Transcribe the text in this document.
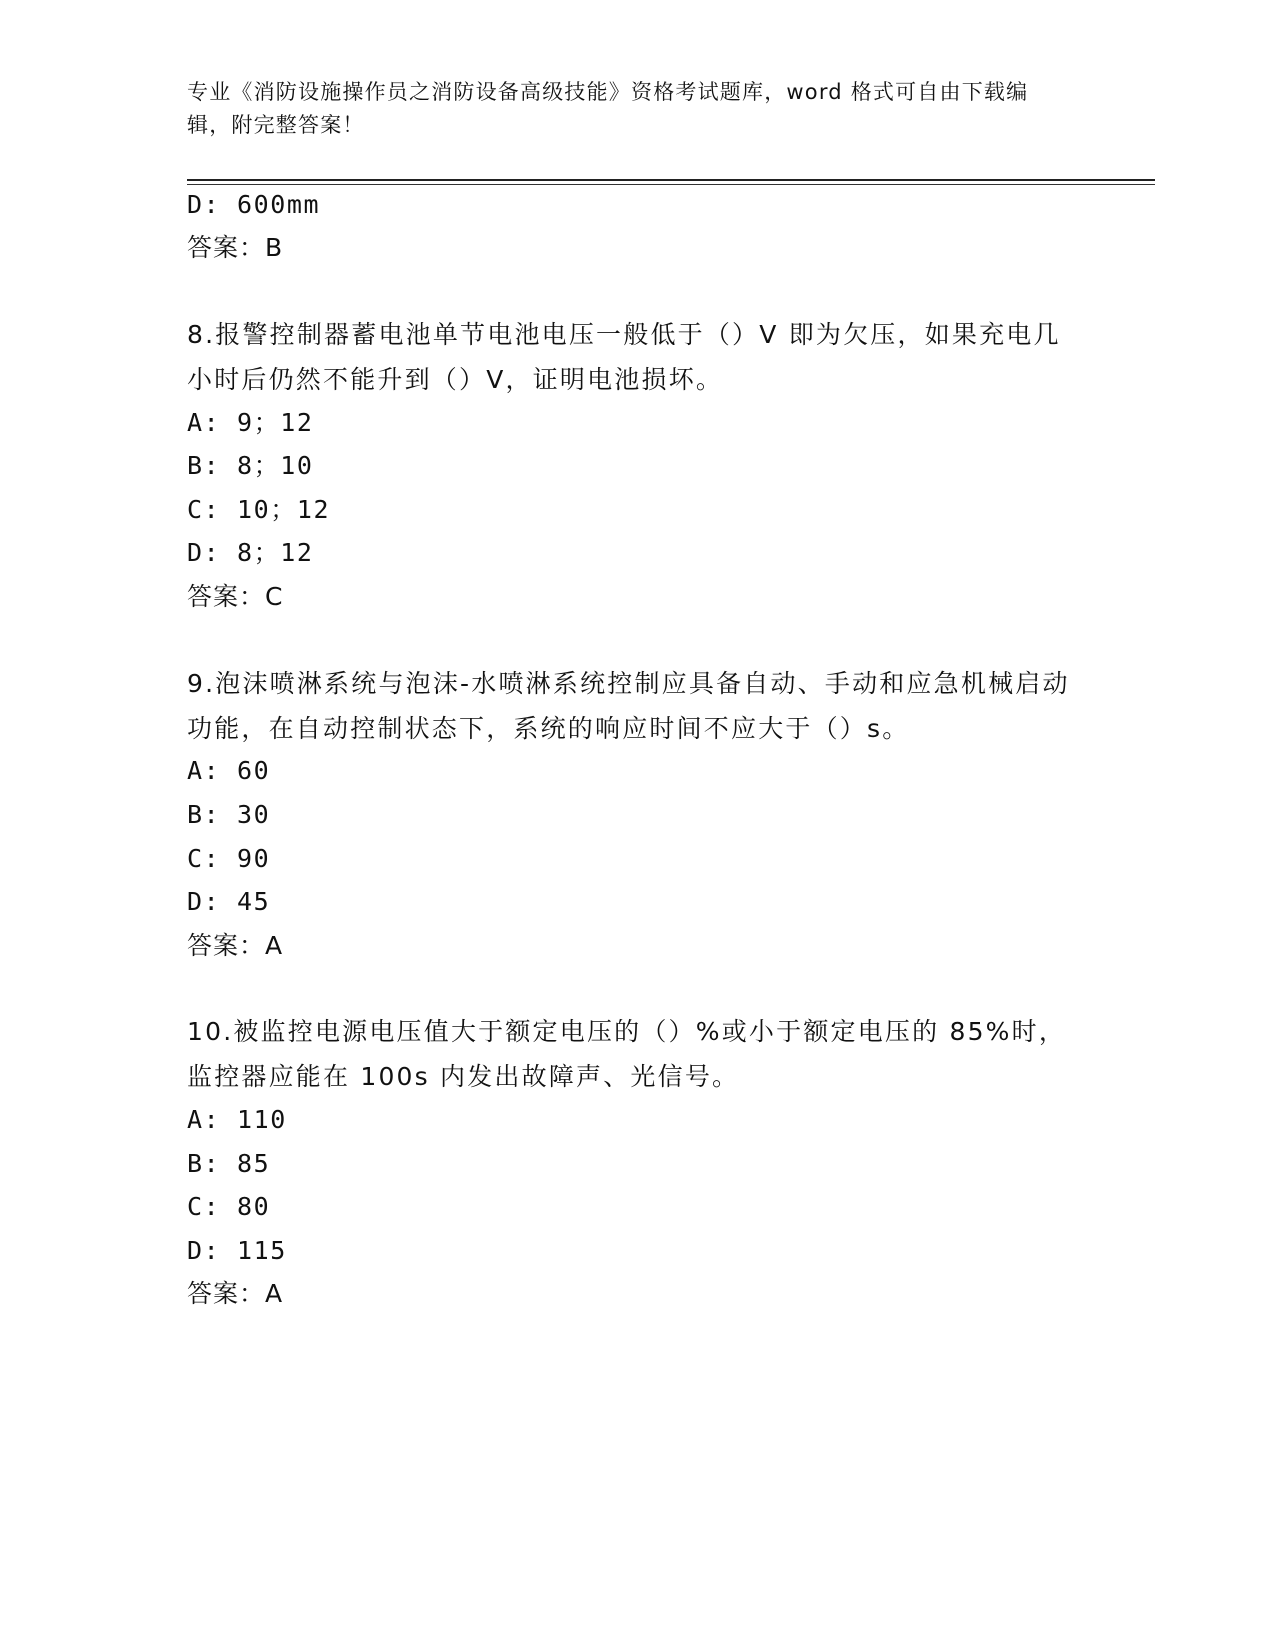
专业《消防设施操作员之消防设备高级技能》资格考试题库，word 格式可自由下载编辑，附完整答案！
D: 600mm
答案：B
8.报警控制器蓄电池单节电池电压一般低于（）V 即为欠压，如果充电几小时后仍然不能升到（）V，证明电池损坏。
A: 9；12
B: 8；10
C: 10；12
D: 8；12
答案：C
9.泡沫喷淋系统与泡沫-水喷淋系统控制应具备自动、手动和应急机械启动功能，在自动控制状态下，系统的响应时间不应大于（）s。
A: 60
B: 30
C: 90
D: 45
答案：A
10.被监控电源电压值大于额定电压的（）%或小于额定电压的 85%时，监控器应能在 100s 内发出故障声、光信号。
A: 110
B: 85
C: 80
D: 115
答案：A
